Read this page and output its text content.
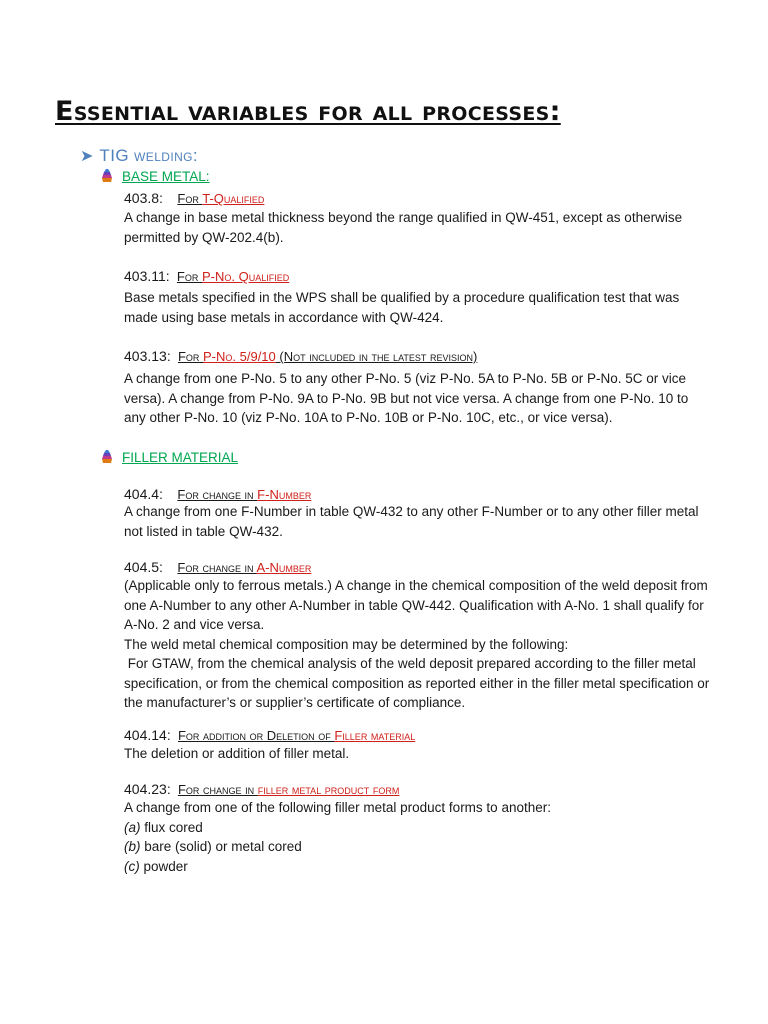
Essential variables for all processes:
➤ TIG welding:
BASE METAL:
403.8: For T-Qualified
A change in base metal thickness beyond the range qualified in QW-451, except as otherwise
permitted by QW-202.4(b).
403.11: For P-No. Qualified
Base metals specified in the WPS shall be qualified by a procedure qualification test that was
made using base metals in accordance with QW-424.
403.13: For P-No. 5/9/10 (Not included in the latest revision)
A change from one P-No. 5 to any other P-No. 5 (viz P-No. 5A to P-No. 5B or P-No. 5C or vice
versa). A change from P-No. 9A to P-No. 9B but not vice versa. A change from one P-No. 10 to
any other P-No. 10 (viz P-No. 10A to P-No. 10B or P-No. 10C, etc., or vice versa).
FILLER MATERIAL
404.4: For change in F-Number
A change from one F-Number in table QW-432 to any other F-Number or to any other filler metal
not listed in table QW-432.
404.5: For change in A-Number
(Applicable only to ferrous metals.) A change in the chemical composition of the weld deposit from
one A-Number to any other A-Number in table QW-442. Qualification with A-No. 1 shall qualify for
A-No. 2 and vice versa.
The weld metal chemical composition may be determined by the following:
For GTAW, from the chemical analysis of the weld deposit prepared according to the filler metal
specification, or from the chemical composition as reported either in the filler metal specification or
the manufacturer’s or supplier’s certificate of compliance.
404.14: For addition or Deletion of Filler material
The deletion or addition of filler metal.
404.23: For change in filler metal product form
A change from one of the following filler metal product forms to another:
(a) flux cored
(b) bare (solid) or metal cored
(c) powder
